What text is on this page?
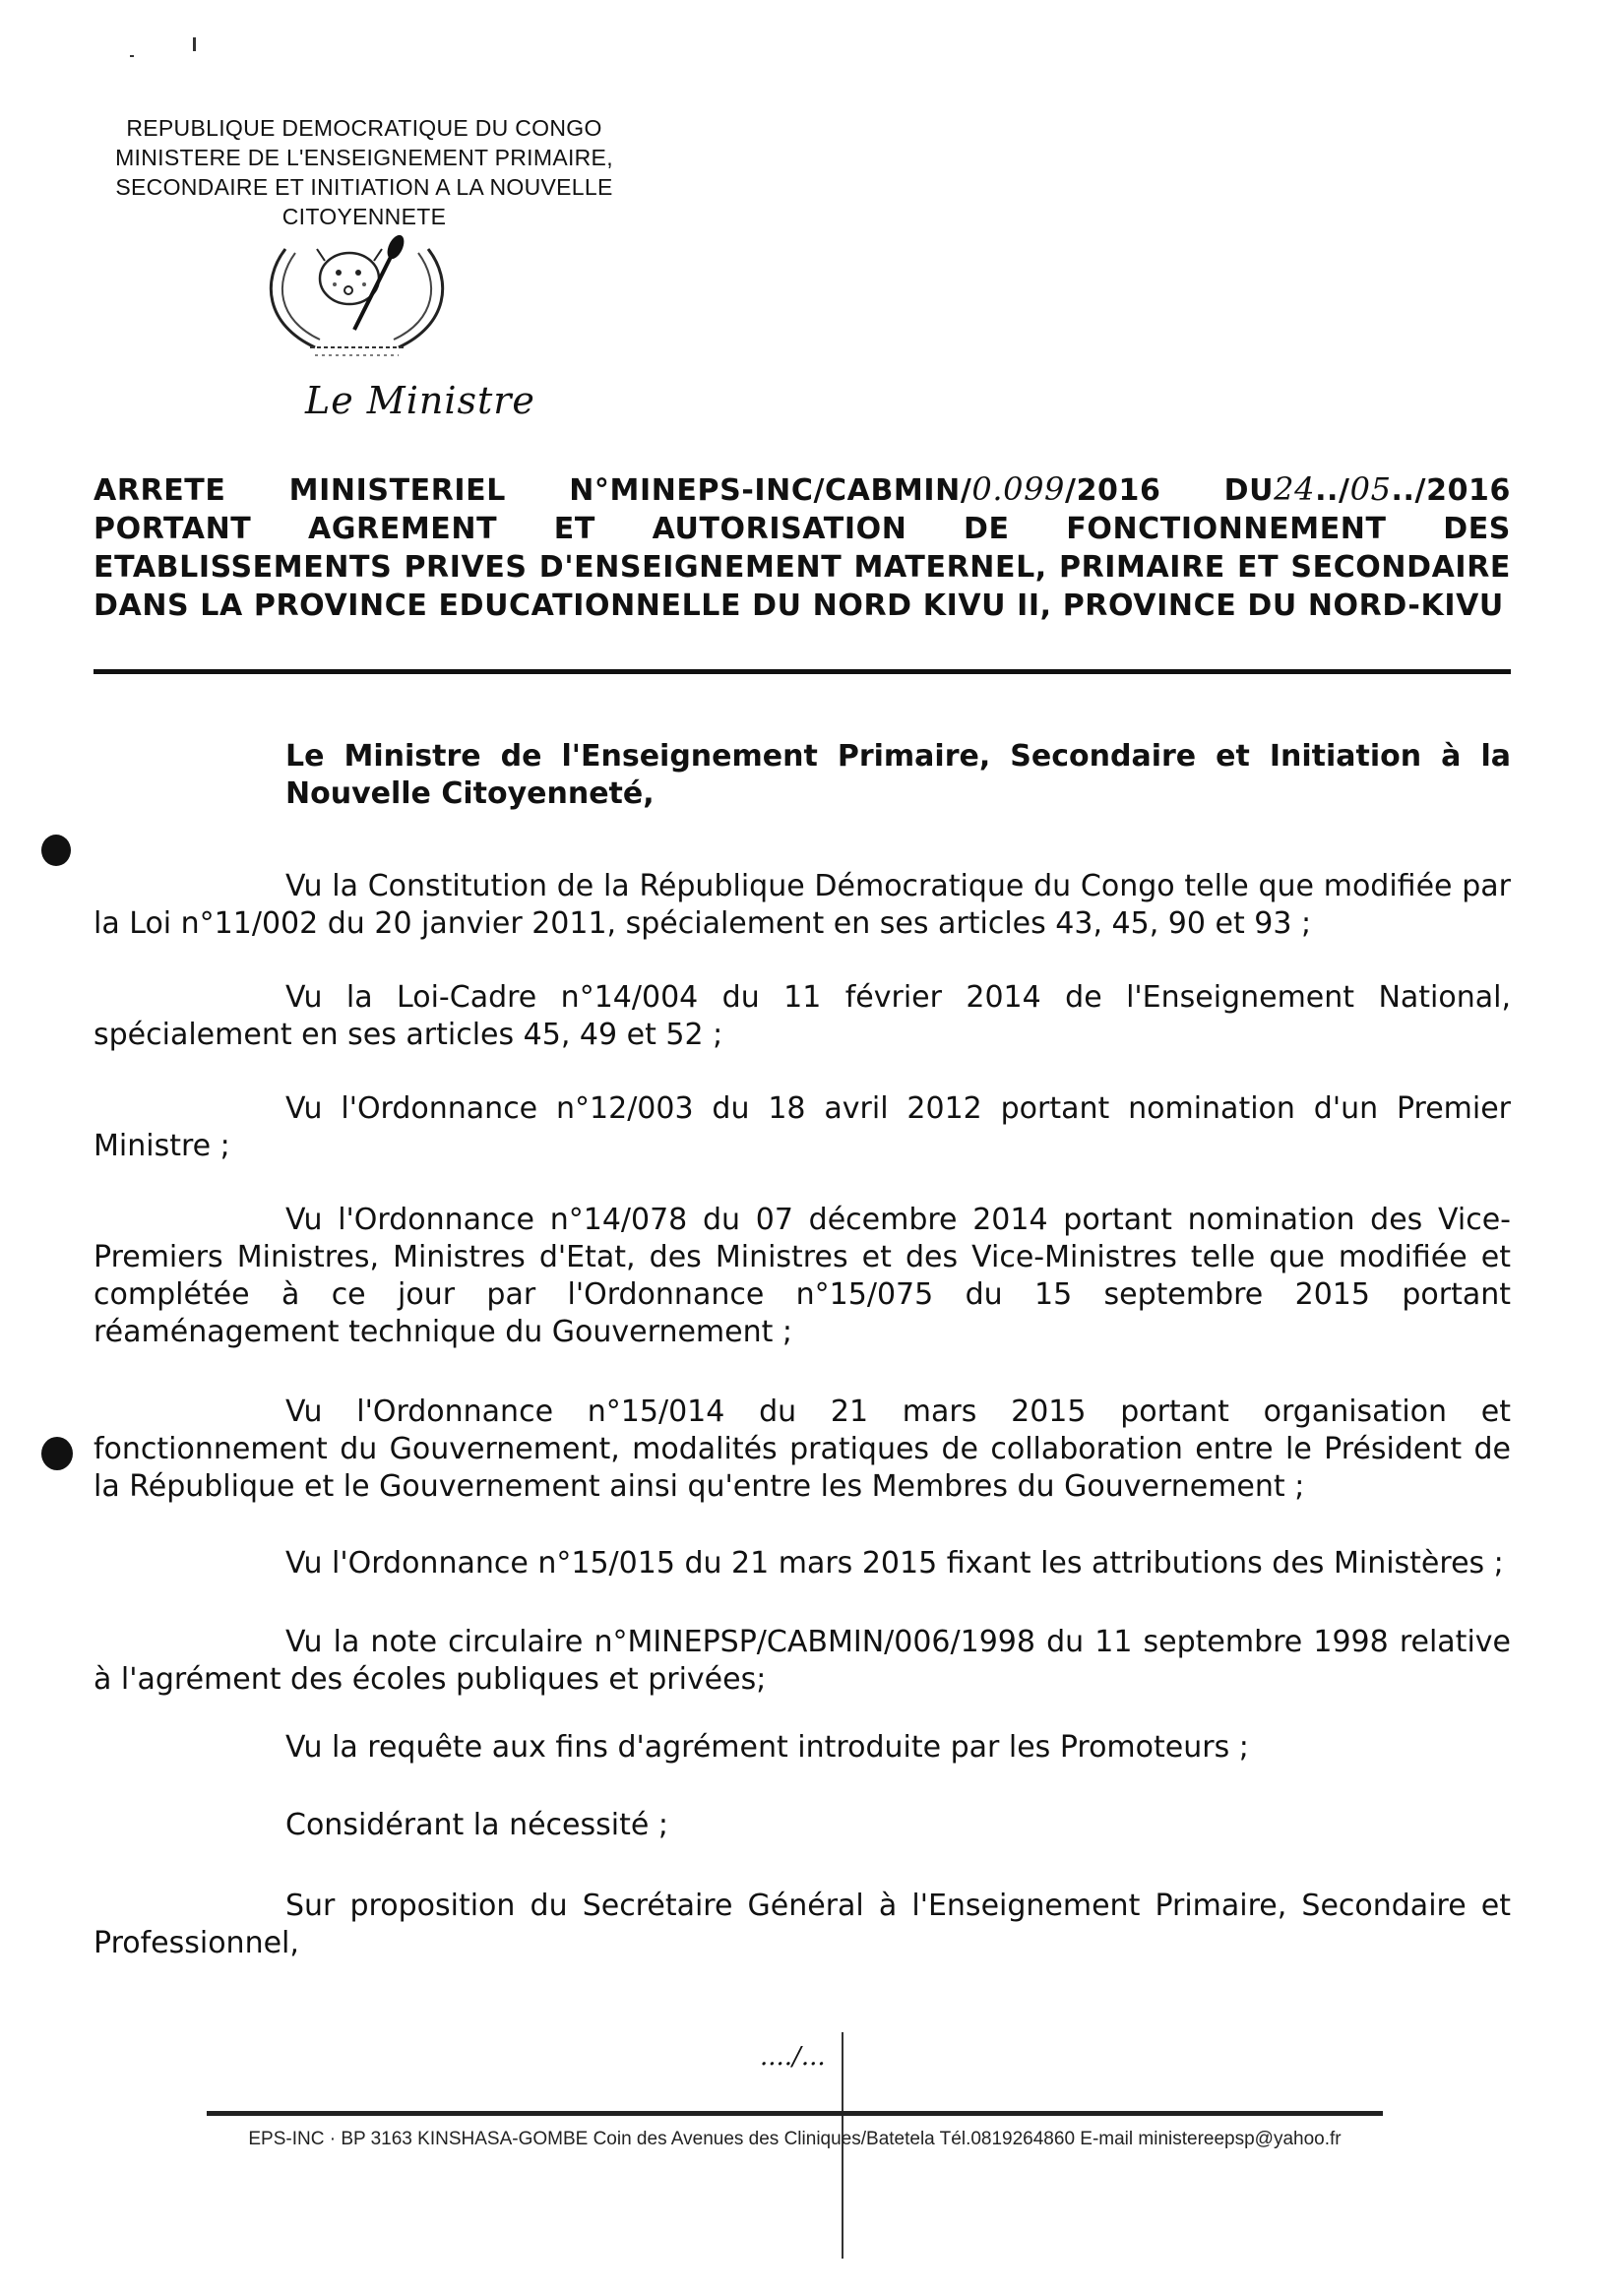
REPUBLIQUE DEMOCRATIQUE DU CONGO
MINISTERE DE L'ENSEIGNEMENT PRIMAIRE,
SECONDAIRE ET INITIATION A LA NOUVELLE
CITOYENNETE
Le Ministre
ARRETE MINISTERIEL N°MINEPS-INC/CABMIN/0.099/2016 DU24../05../2016 PORTANT AGREMENT ET AUTORISATION DE FONCTIONNEMENT DES ETABLISSEMENTS PRIVES D'ENSEIGNEMENT MATERNEL, PRIMAIRE ET SECONDAIRE DANS LA PROVINCE EDUCATIONNELLE DU NORD KIVU II, PROVINCE DU NORD-KIVU
Le Ministre de l'Enseignement Primaire, Secondaire et Initiation à la Nouvelle Citoyenneté,

Vu la Constitution de la République Démocratique du Congo telle que modifiée par la Loi n°11/002 du 20 janvier 2011, spécialement en ses articles 43, 45, 90 et 93 ;

Vu la Loi-Cadre n°14/004 du 11 février 2014 de l'Enseignement National, spécialement en ses articles 45, 49 et 52 ;

Vu l'Ordonnance n°12/003 du 18 avril 2012 portant nomination d'un Premier Ministre ;

Vu l'Ordonnance n°14/078 du 07 décembre 2014 portant nomination des Vice-Premiers Ministres, Ministres d'Etat, des Ministres et des Vice-Ministres telle que modifiée et complétée à ce jour par l'Ordonnance n°15/075 du 15 septembre 2015 portant réaménagement technique du Gouvernement ;

Vu l'Ordonnance n°15/014 du 21 mars 2015 portant organisation et fonctionnement du Gouvernement, modalités pratiques de collaboration entre le Président de la République et le Gouvernement ainsi qu'entre les Membres du Gouvernement ;

Vu l'Ordonnance n°15/015 du 21 mars 2015 fixant les attributions des Ministères ;

Vu la note circulaire n°MINEPSP/CABMIN/006/1998 du 11 septembre 1998 relative à l'agrément des écoles publiques et privées;

Vu la requête aux fins d'agrément introduite par les Promoteurs ;

Considérant la nécessité ;

Sur proposition du Secrétaire Général à l'Enseignement Primaire, Secondaire et Professionnel,

..../...
EPS-INC · BP 3163 KINSHASA-GOMBE Coin des Avenues des Cliniques/Batetela Tél.0819264860 E-mail ministereepsp@yahoo.fr
